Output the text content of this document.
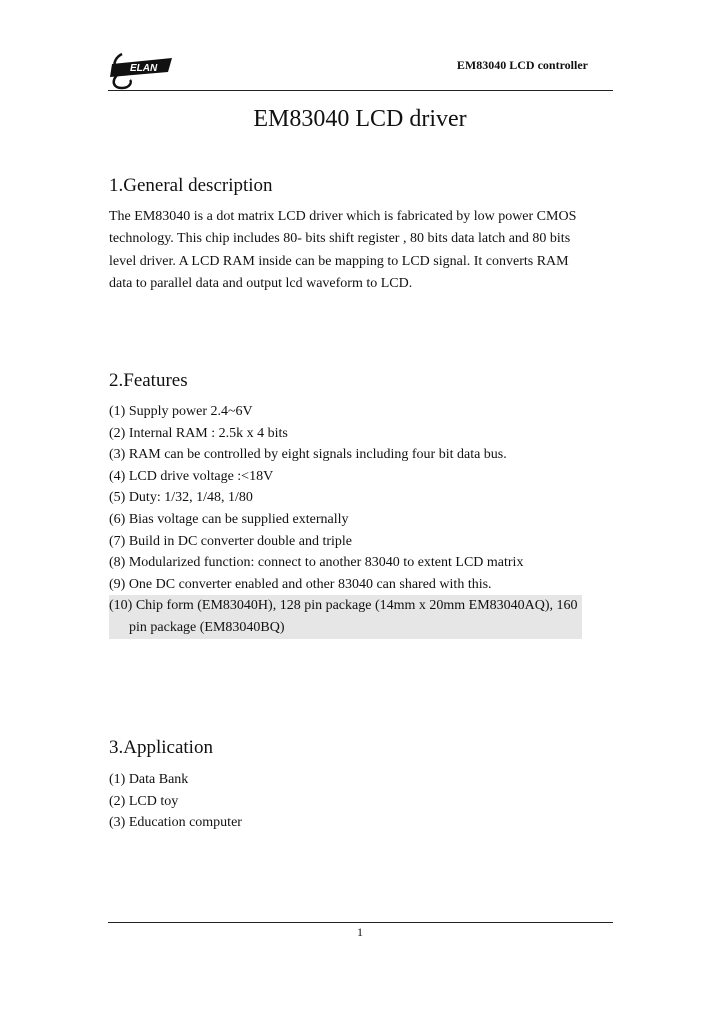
ELAN	EM83040 LCD controller
EM83040 LCD driver
1.General description
The EM83040 is a dot matrix LCD driver which is fabricated by low power CMOS
technology. This chip includes 80- bits shift register , 80 bits data latch and 80 bits
level driver. A LCD RAM inside can be mapping to LCD signal. It converts RAM
data to parallel data and output lcd waveform to LCD.
2.Features
(1) Supply power 2.4~6V
(2) Internal RAM : 2.5k x 4 bits
(3) RAM can be controlled by eight signals including four bit data bus.
(4) LCD drive voltage :<18V
(5) Duty: 1/32, 1/48, 1/80
(6) Bias voltage can be supplied externally
(7) Build in DC converter double and triple
(8) Modularized function: connect to another 83040 to extent LCD matrix
(9) One DC converter enabled and other 83040 can shared with this.
(10) Chip form (EM83040H), 128 pin package (14mm x 20mm EM83040AQ), 160
pin package (EM83040BQ)
3.Application
(1) Data Bank
(2) LCD toy
(3) Education computer
1
